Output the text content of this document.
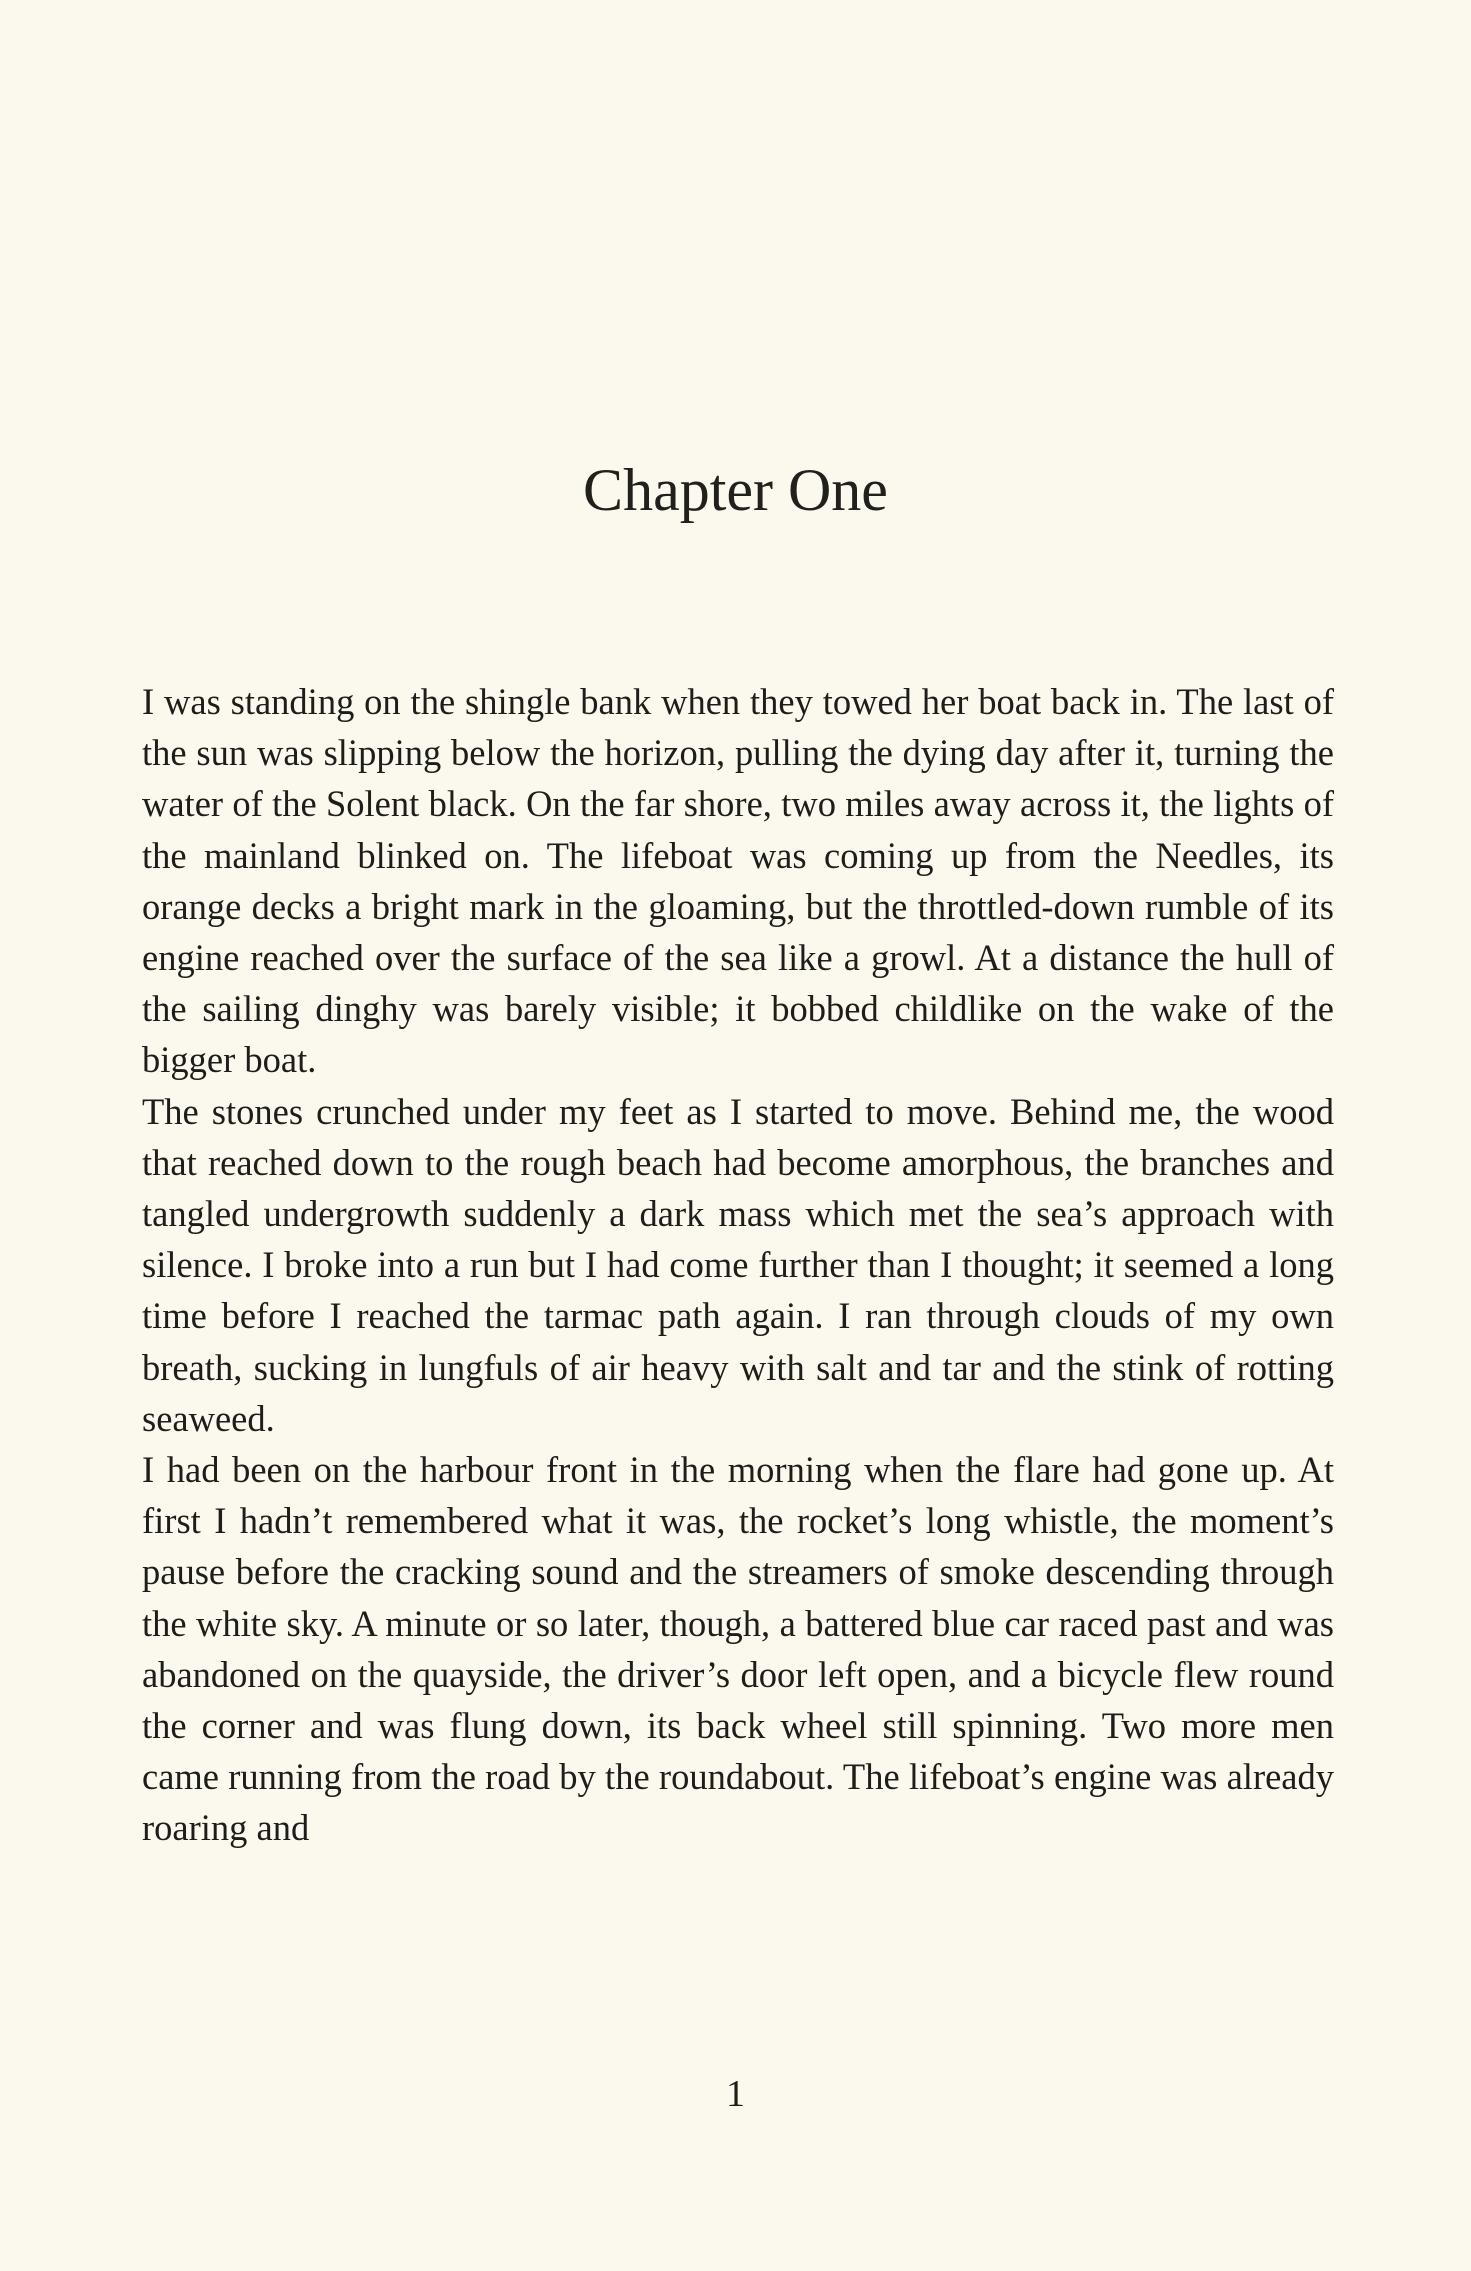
Chapter One

I was standing on the shingle bank when they towed her boat back in. The last of the sun was slipping below the horizon, pulling the dying day after it, turning the water of the Solent black. On the far shore, two miles away across it, the lights of the mainland blinked on. The lifeboat was coming up from the Needles, its orange decks a bright mark in the gloaming, but the throttled-down rumble of its engine reached over the surface of the sea like a growl. At a distance the hull of the sailing dinghy was barely visible; it bobbed childlike on the wake of the bigger boat.

The stones crunched under my feet as I started to move. Behind me, the wood that reached down to the rough beach had become amorphous, the branches and tangled undergrowth suddenly a dark mass which met the sea’s approach with silence. I broke into a run but I had come further than I thought; it seemed a long time before I reached the tarmac path again. I ran through clouds of my own breath, sucking in lungfuls of air heavy with salt and tar and the stink of rotting seaweed.

I had been on the harbour front in the morning when the flare had gone up. At first I hadn’t remembered what it was, the rocket’s long whistle, the moment’s pause before the cracking sound and the streamers of smoke descending through the white sky. A minute or so later, though, a battered blue car raced past and was abandoned on the quayside, the driver’s door left open, and a bicycle flew round the corner and was flung down, its back wheel still spinning. Two more men came running from the road by the roundabout. The lifeboat’s engine was already roaring and

1
